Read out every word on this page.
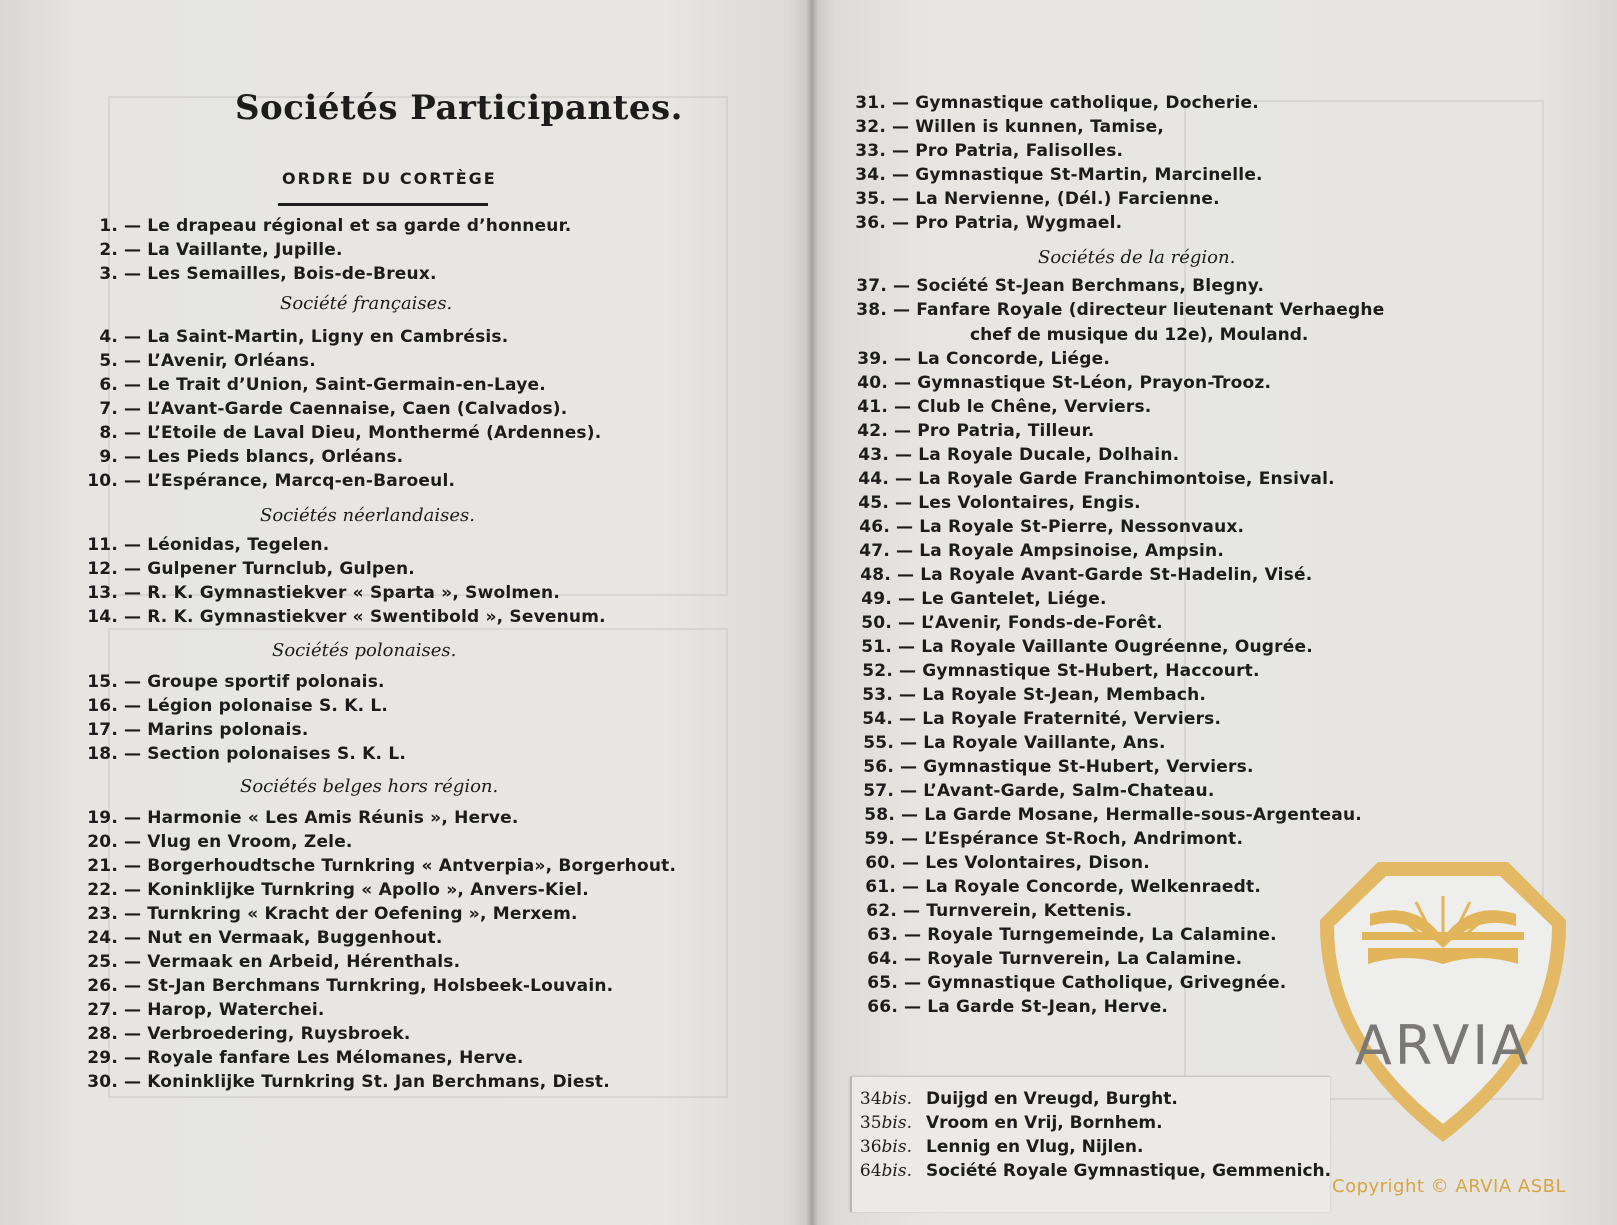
Sociétés Participantes.
ORDRE DU CORTÈGE
1. — Le drapeau régional et sa garde d’honneur.
2. — La Vaillante, Jupille.
3. — Les Semailles, Bois-de-Breux.
4. — La Saint-Martin, Ligny en Cambrésis.
5. — L’Avenir, Orléans.
6. — Le Trait d’Union, Saint-Germain-en-Laye.
7. — L’Avant-Garde Caennaise, Caen (Calvados).
8. — L’Etoile de Laval Dieu, Monthermé (Ardennes).
9. — Les Pieds blancs, Orléans.
10. — L’Espérance, Marcq-en-Baroeul.
11. — Léonidas, Tegelen.
12. — Gulpener Turnclub, Gulpen.
13. — R. K. Gymnastiekver « Sparta », Swolmen.
14. — R. K. Gymnastiekver « Swentibold », Sevenum.
15. — Groupe sportif polonais.
16. — Légion polonaise S. K. L.
17. — Marins polonais.
18. — Section polonaises S. K. L.
19. — Harmonie « Les Amis Réunis », Herve.
20. — Vlug en Vroom, Zele.
21. — Borgerhoudtsche Turnkring « Antverpia», Borgerhout.
22. — Koninklijke Turnkring « Apollo », Anvers-Kiel.
23. — Turnkring « Kracht der Oefening », Merxem.
24. — Nut en Vermaak, Buggenhout.
25. — Vermaak en Arbeid, Hérenthals.
26. — St-Jan Berchmans Turnkring, Holsbeek-Louvain.
27. — Harop, Waterchei.
28. — Verbroedering, Ruysbroek.
29. — Royale fanfare Les Mélomanes, Herve.
30. — Koninklijke Turnkring St. Jan Berchmans, Diest.
Société françaises.
Sociétés néerlandaises.
Sociétés polonaises.
Sociétés belges hors région.
31. — Gymnastique catholique, Docherie.
32. — Willen is kunnen, Tamise,
33. — Pro Patria, Falisolles.
34. — Gymnastique St-Martin, Marcinelle.
35. — La Nervienne, (Dél.) Farcienne.
36. — Pro Patria, Wygmael.
37. — Société St-Jean Berchmans, Blegny.
38. — Fanfare Royale (directeur lieutenant Verhaeghe
39. — La Concorde, Liége.
40. — Gymnastique St-Léon, Prayon-Trooz.
41. — Club le Chêne, Verviers.
42. — Pro Patria, Tilleur.
43. — La Royale Ducale, Dolhain.
44. — La Royale Garde Franchimontoise, Ensival.
45. — Les Volontaires, Engis.
46. — La Royale St-Pierre, Nessonvaux.
47. — La Royale Ampsinoise, Ampsin.
48. — La Royale Avant-Garde St-Hadelin, Visé.
49. — Le Gantelet, Liége.
50. — L’Avenir, Fonds-de-Forêt.
51. — La Royale Vaillante Ougréenne, Ougrée.
52. — Gymnastique St-Hubert, Haccourt.
53. — La Royale St-Jean, Membach.
54. — La Royale Fraternité, Verviers.
55. — La Royale Vaillante, Ans.
56. — Gymnastique St-Hubert, Verviers.
57. — L’Avant-Garde, Salm-Chateau.
58. — La Garde Mosane, Hermalle-sous-Argenteau.
59. — L’Espérance St-Roch, Andrimont.
60. — Les Volontaires, Dison.
61. — La Royale Concorde, Welkenraedt.
62. — Turnverein, Kettenis.
63. — Royale Turngemeinde, La Calamine.
64. — Royale Turnverein, La Calamine.
65. — Gymnastique Catholique, Grivegnée.
66. — La Garde St-Jean, Herve.
Sociétés de la région.
chef de musique du 12e), Mouland.
34bis. Duijgd en Vreugd, Burght.
35bis. Vroom en Vrij, Bornhem.
36bis. Lennig en Vlug, Nijlen.
64bis. Société Royale Gymnastique, Gemmenich.
ARVIA
Copyright © ARVIA ASBL
